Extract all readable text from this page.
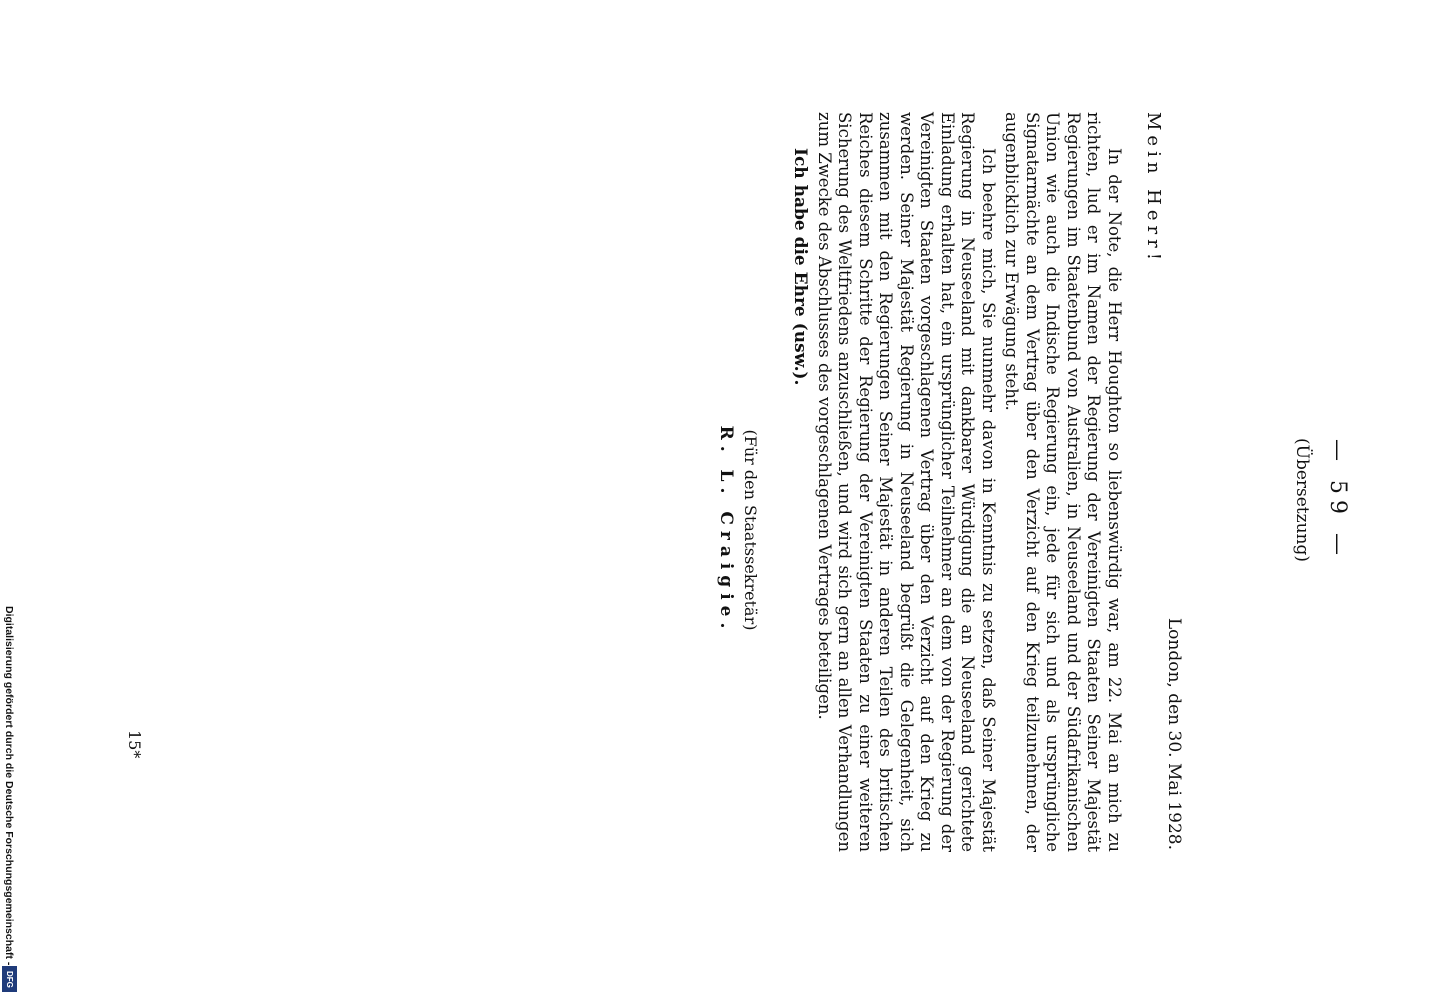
— 59 —
(Übersetzung)
London, den 30. Mai 1928.
Mein Herr!

In der Note, die Herr Houghton so liebenswürdig war, am 22. Mai an mich zu richten, lud er im Namen der Regierung der Vereinigten Staaten Seiner Majestät Regierungen im Staatenbund von Australien, in Neuseeland und der Südafrikanischen Union wie auch die Indische Regierung ein, jede für sich und als ursprüngliche Signatarmächte an dem Vertrag über den Verzicht auf den Krieg teilzunehmen, der augenblicklich zur Erwägung steht.

Ich beehre mich, Sie nunmehr davon in Kenntnis zu setzen, daß Seiner Majestät Regierung in Neuseeland mit dankbarer Würdigung die an Neuseeland gerichtete Einladung erhalten hat, ein ursprünglicher Teilnehmer an dem von der Regierung der Vereinigten Staaten vorgeschlagenen Vertrag über den Verzicht auf den Krieg zu werden. Seiner Majestät Regierung in Neuseeland begrüßt die Gelegenheit, sich zusammen mit den Regierungen Seiner Majestät in anderen Teilen des britischen Reiches diesem Schritte der Regierung der Vereinigten Staaten zu einer weiteren Sicherung des Weltfriedens anzuschließen, und wird sich gern an allen Verhandlungen zum Zwecke des Abschlusses des vorgeschlagenen Vertrages beteiligen.

Ich habe die Ehre (usw.).
(Für den Staatssekretär)
R. L. Craigie.
15*
Digitalisierung gefördert durch die Deutsche Forschungsgemeinschaft -
DFG
